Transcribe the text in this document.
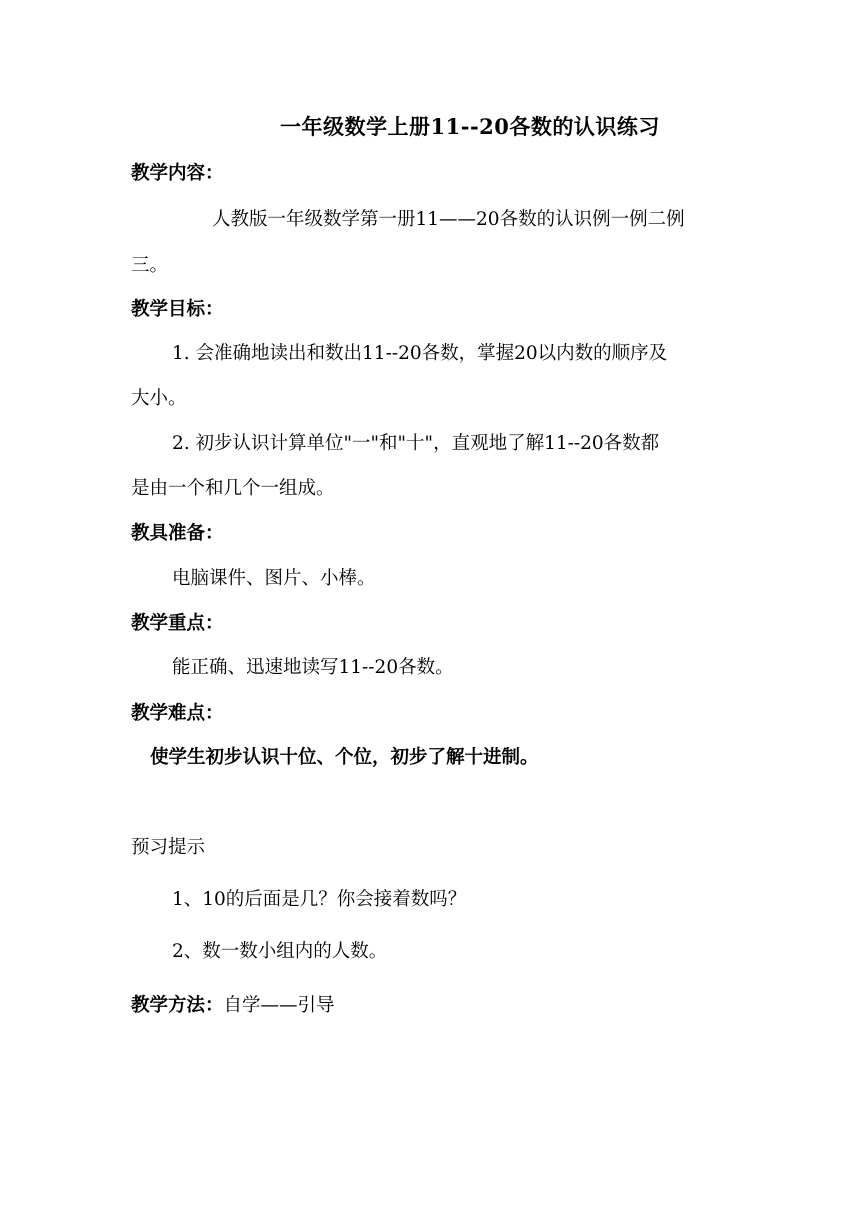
一年级数学上册11--20各数的认识练习
教学内容：
人教版一年级数学第一册11——20各数的认识例一例二例
三。
教学目标：
1. 会准确地读出和数出11--20各数，掌握20以内数的顺序及
大小。
2. 初步认识计算单位"一"和"十"，直观地了解11--20各数都
是由一个和几个一组成。
教具准备：
电脑课件、图片、小棒。
教学重点：
能正确、迅速地读写11--20各数。
教学难点：
使学生初步认识十位、个位，初步了解十进制。
预习提示
1、10的后面是几？你会接着数吗？
2、数一数小组内的人数。
教学方法：自学——引导
